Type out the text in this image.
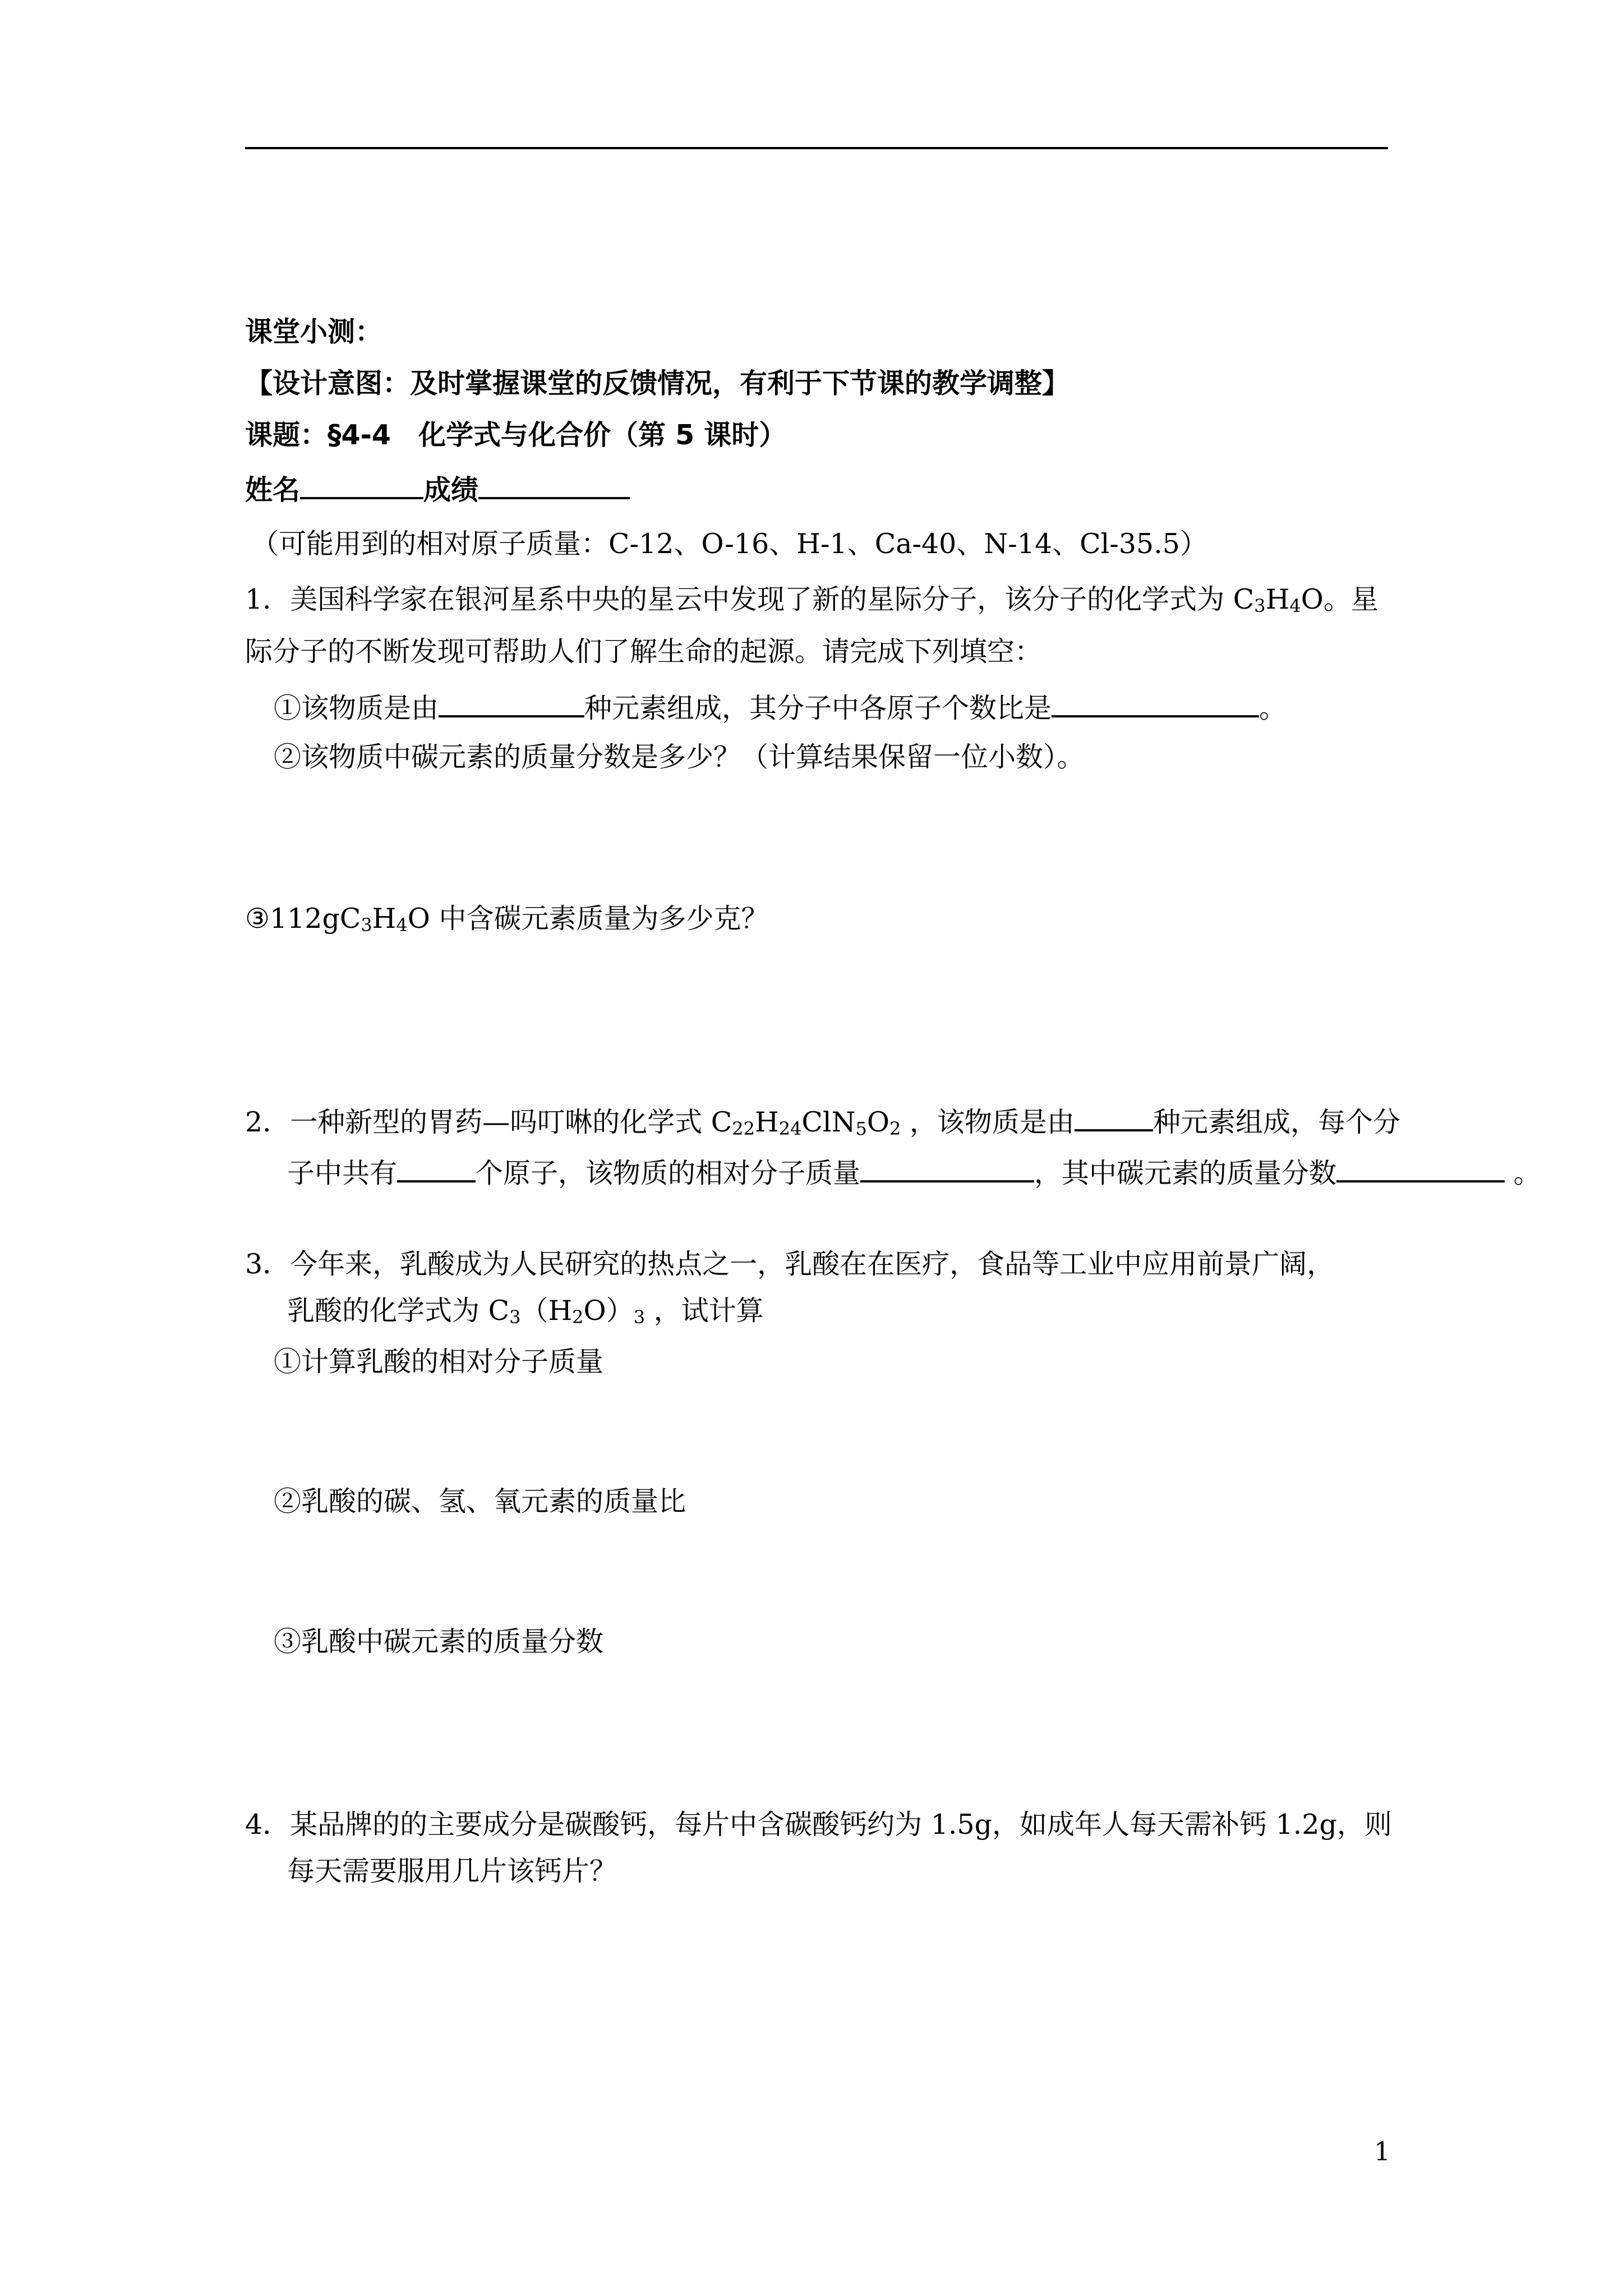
课堂小测：
【设计意图：及时掌握课堂的反馈情况，有利于下节课的教学调整】
课题：§4-4　化学式与化合价（第 5 课时）
姓名	成绩
（可能用到的相对原子质量：C-12、O-16、H-1、Ca-40、N-14、Cl-35.5）
1．美国科学家在银河星系中央的星云中发现了新的星际分子，该分子的化学式为 $C_3H_4O$。星
际分子的不断发现可帮助人们了解生命的起源。请完成下列填空：
①该物质是由	种元素组成，其分子中各原子个数比是	。
②该物质中碳元素的质量分数是多少？（计算结果保留一位小数）。
$③112gC_3H_4O$ 中含碳元素质量为多少克？
2．一种新型的胃药—吗叮啉的化学式 $C_{22}H_{24}ClN_5O_2$ ，该物质是由	种元素组成，每个分
子中共有	个原子，该物质的相对分子质量	，其中碳元素的质量分数	。
3．今年来，乳酸成为人民研究的热点之一，乳酸在在医疗，食品等工业中应用前景广阔，
乳酸的化学式为 $C_3(H_2O)_3$ ，试计算
①计算乳酸的相对分子质量
②乳酸的碳、氢、氧元素的质量比
③乳酸中碳元素的质量分数
4．某品牌的的主要成分是碳酸钙，每片中含碳酸钙约为 1.5g，如成年人每天需补钙 1.2g，则
每天需要服用几片该钙片？
1
